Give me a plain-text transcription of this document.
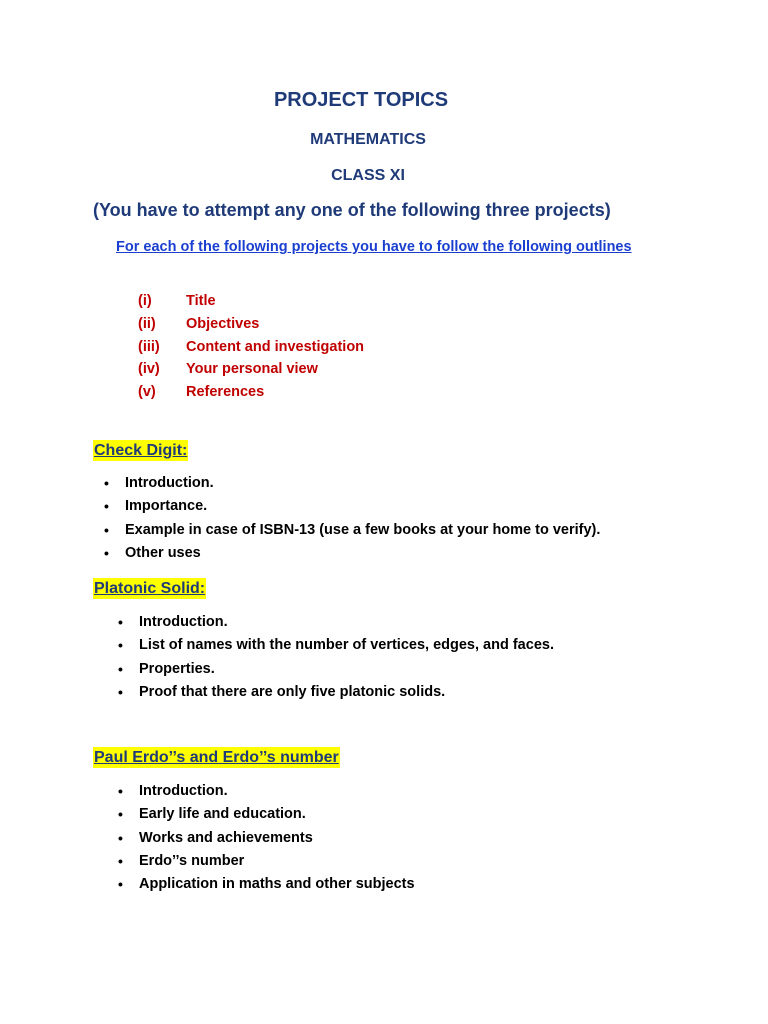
PROJECT TOPICS
MATHEMATICS
CLASS XI
(You have to attempt any one of the following three projects)
For each of the following projects you have to follow the following outlines
(i) Title
(ii) Objectives
(iii) Content and investigation
(iv) Your personal view
(v) References
Check Digit:
• Introduction.
• Importance.
• Example in case of ISBN-13 (use a few books at your home to verify).
• Other uses
Platonic Solid:
• Introduction.
• List of names with the number of vertices, edges, and faces.
• Properties.
• Proof that there are only five platonic solids.
Paul Erdo’’s and Erdo’’s number
• Introduction.
• Early life and education.
• Works and achievements
• Erdo’’s number
• Application in maths and other subjects
